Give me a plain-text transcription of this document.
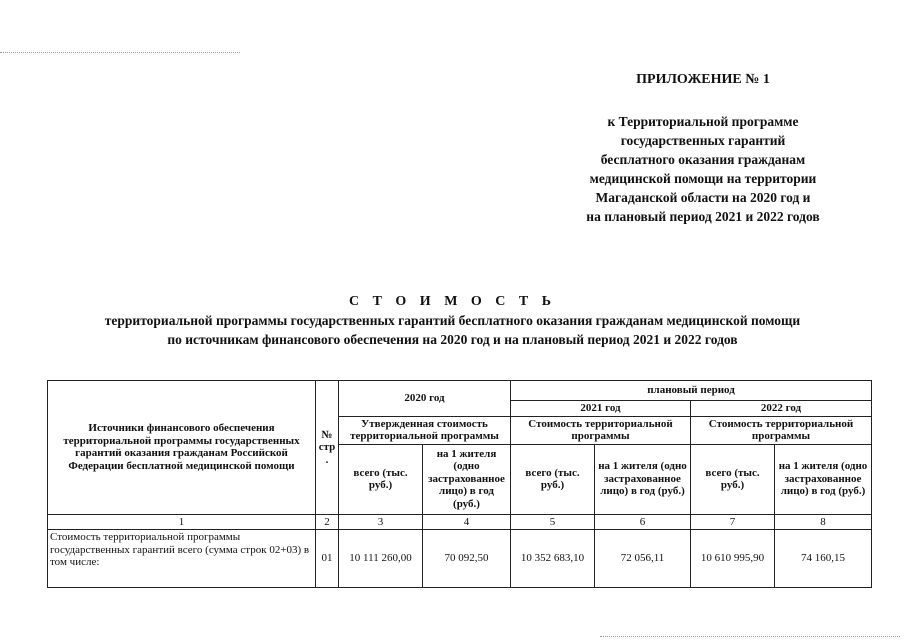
ПРИЛОЖЕНИЕ № 1
к Территориальной программе
государственных гарантий
бесплатного оказания гражданам
медицинской помощи на территории
Магаданской области на 2020 год и
на плановый период 2021 и 2022 годов
С Т О И М О С Т Ь
территориальной программы государственных гарантий бесплатного оказания гражданам медицинской помощи
по источникам финансового обеспечения на 2020 год и на плановый период 2021 и 2022 годов
Источники финансового обеспечения территориальной программы государственных гарантий оказания гражданам Российской Федерации бесплатной медицинской помощи	№ стр .	2020 год		плановый период			
				2021 год		2022 год	
		Утвержденная стоимость территориальной программы		Стоимость территориальной программы		Стоимость территориальной программы	
		всего (тыс. руб.)	на 1 жителя (одно застрахованное лицо) в год (руб.)	всего (тыс. руб.)	на 1 жителя (одно застрахованное лицо) в год (руб.)	всего (тыс. руб.)	на 1 жителя (одно застрахованное лицо) в год (руб.)
1	2	3	4	5	6	7	8
Стоимость территориальной программы государственных гарантий всего (сумма строк 02+03) в том числе:	01	10 111 260,00	70 092,50	10 352 683,10	72 056,11	10 610 995,90	74 160,15
